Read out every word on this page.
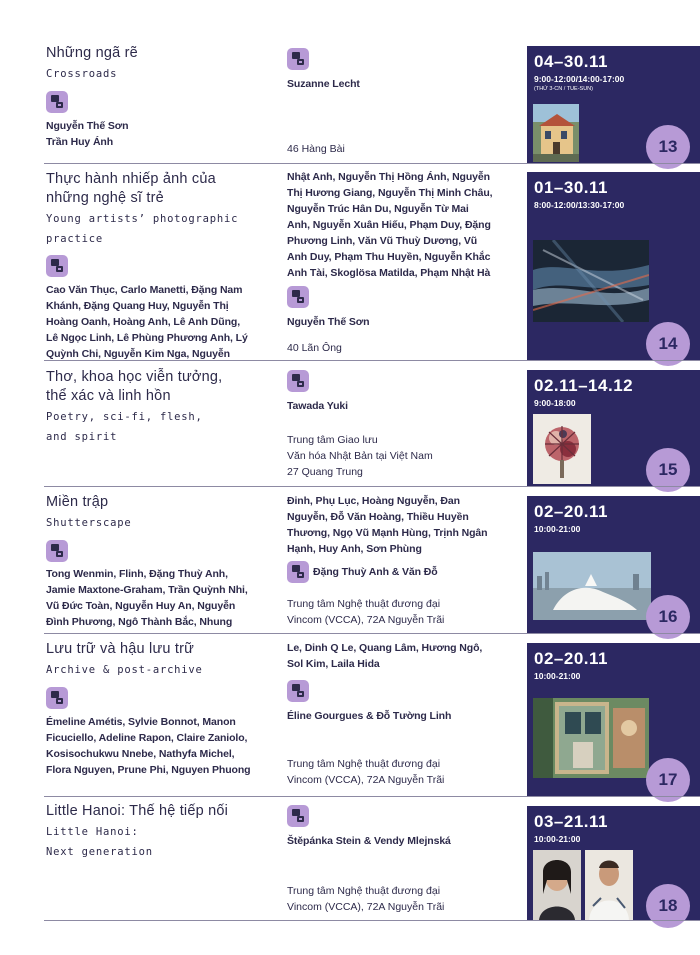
Những ngã rẽ
Crossroads
Nguyễn Thế Sơn
Trần Huy Ánh
Suzanne Lecht
46 Hàng Bài
04–30.11
9:00-12:00/14:00-17:00
(THỨ 3-CN / TUE-SUN)
13
Thực hành nhiếp ảnh của
những nghệ sĩ trẻ
Young artists’ photographic practice
Cao Văn Thục, Carlo Manetti, Đặng Nam
Khánh, Đặng Quang Huy, Nguyễn Thị
Hoàng Oanh, Hoàng Anh, Lê Anh Dũng,
Lê Ngọc Linh, Lê Phùng Phương Anh, Lý
Quỳnh Chi, Nguyễn Kim Nga, Nguyễn
Nhật Anh, Nguyễn Thị Hồng Ánh, Nguyễn
Thị Hương Giang, Nguyễn Thị Minh Châu,
Nguyễn Trúc Hân Du, Nguyễn Từ Mai
Anh, Nguyễn Xuân Hiếu, Phạm Duy, Đặng
Phương Linh, Văn Vũ Thuỳ Dương, Vũ
Anh Duy, Phạm Thu Huyền, Nguyễn Khắc
Anh Tài, Skoglösa Matilda, Phạm Nhật Hà
Nguyễn Thế Sơn
40 Lãn Ông
01–30.11
8:00-12:00/13:30-17:00
14
Thơ, khoa học viễn tưởng,
thể xác và linh hồn
Poetry, sci-fi, flesh,
and spirit
Tawada Yuki
Trung tâm Giao lưu
Văn hóa Nhật Bản tại Việt Nam
27 Quang Trung
02.11–14.12
9:00-18:00
15
Miền trập
Shutterscape
Tong Wenmin, Flinh, Đặng Thuỳ Anh,
Jamie Maxtone-Graham, Trần Quỳnh Nhi,
Vũ Đức Toàn, Nguyễn Huy An, Nguyễn
Đình Phương, Ngô Thành Bắc, Nhung
Đinh, Phụ Lục, Hoàng Nguyễn, Đan
Nguyễn, Đỗ Văn Hoàng, Thiều Huyền
Thương, Ngọ Vũ Mạnh Hùng, Trịnh Ngân
Hạnh, Huy Anh, Sơn Phùng
Đặng Thuỳ Anh & Văn Đỗ
Trung tâm Nghệ thuật đương đại
Vincom (VCCA), 72A Nguyễn Trãi
02–20.11
10:00-21:00
16
Lưu trữ và hậu lưu trữ
Archive & post-archive
Émeline Amétis, Sylvie Bonnot, Manon
Ficuciello, Adeline Rapon, Claire Zaniolo,
Kosisochukwu Nnebe, Nathyfa Michel,
Flora Nguyen, Prune Phi, Nguyen Phuong
Le, Dinh Q Le, Quang Lâm, Hương Ngô,
Sol Kim, Laila Hida
Éline Gourgues & Đỗ Tường Linh
Trung tâm Nghệ thuật đương đại
Vincom (VCCA), 72A Nguyễn Trãi
02–20.11
10:00-21:00
17
Little Hanoi: Thế hệ tiếp nối
Little Hanoi:
Next generation
Štěpánka Stein & Vendy Mlejnská
Trung tâm Nghệ thuật đương đại
Vincom (VCCA), 72A Nguyễn Trãi
03–21.11
10:00-21:00
18
